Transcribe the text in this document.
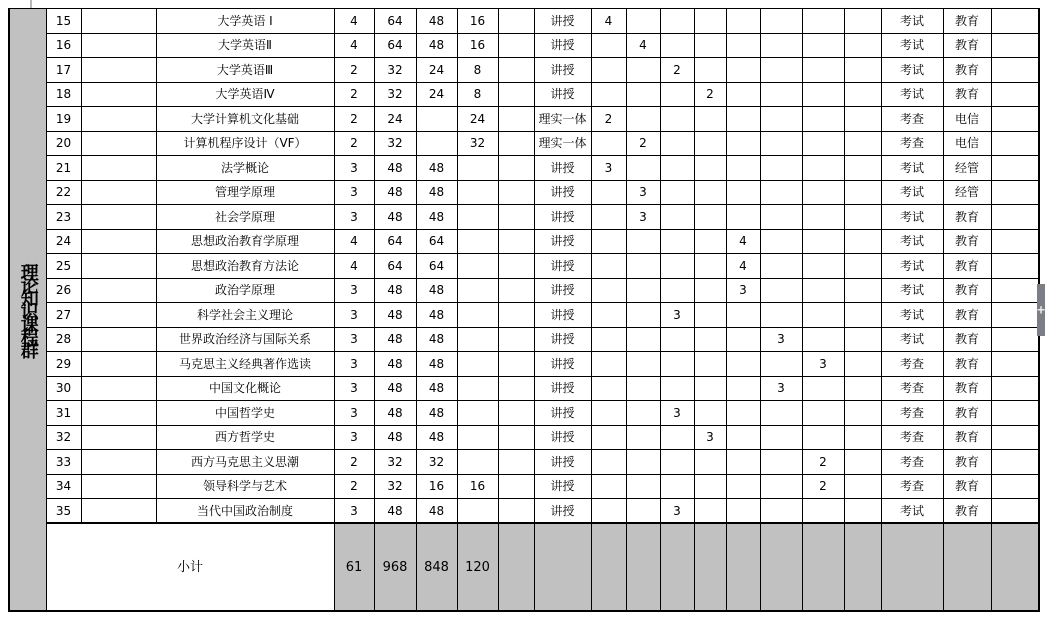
理论知识课程群	15		大学英语 Ⅰ	4	64	48	16		讲授	4								考试	教育	
	16		大学英语Ⅱ	4	64	48	16		讲授		4							考试	教育	
	17		大学英语Ⅲ	2	32	24	8		讲授			2						考试	教育	
	18		大学英语Ⅳ	2	32	24	8		讲授				2					考试	教育	
	19		大学计算机文化基础	2	24		24		理实一体	2								考查	电信	
	20		计算机程序设计（VF）	2	32		32		理实一体		2							考查	电信	
	21		法学概论	3	48	48			讲授	3								考试	经管	
	22		管理学原理	3	48	48			讲授		3							考试	经管	
	23		社会学原理	3	48	48			讲授		3							考试	教育	
	24		思想政治教育学原理	4	64	64			讲授					4				考试	教育	
	25		思想政治教育方法论	4	64	64			讲授					4				考试	教育	
	26		政治学原理	3	48	48			讲授					3				考试	教育	
	27		科学社会主义理论	3	48	48			讲授			3						考试	教育	
	28		世界政治经济与国际关系	3	48	48			讲授						3			考试	教育	
	29		马克思主义经典著作选读	3	48	48			讲授							3		考查	教育	
	30		中国文化概论	3	48	48			讲授						3			考查	教育	
	31		中国哲学史	3	48	48			讲授			3						考查	教育	
	32		西方哲学史	3	48	48			讲授				3					考查	教育	
	33		西方马克思主义思潮	2	32	32			讲授							2		考查	教育	
	34		领导科学与艺术	2	32	16	16		讲授							2		考查	教育	
	35		当代中国政治制度	3	48	48			讲授			3						考试	教育	
	小计			61	968	848	120													
+
